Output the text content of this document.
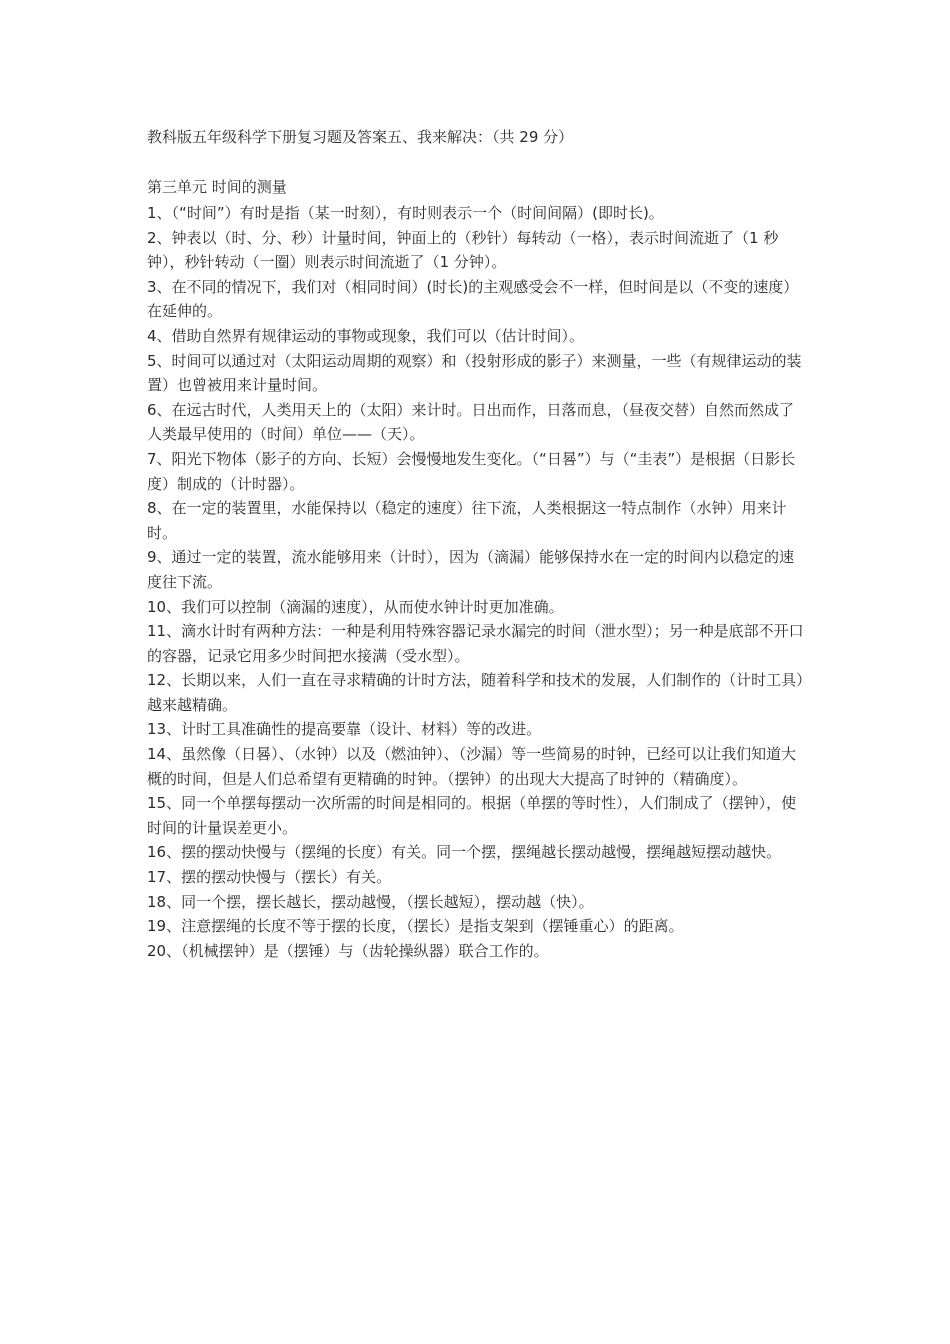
教科版五年级科学下册复习题及答案五、我来解决：（共 29 分）
第三单元 时间的测量

1、（“时间”）有时是指（某一时刻），有时则表示一个（时间间隔）(即时长)。

2、钟表以（时、分、秒）计量时间，钟面上的（秒针）每转动（一格），表示时间流逝了（1 秒钟），秒针转动（一圈）则表示时间流逝了（1 分钟）。

3、在不同的情况下，我们对（相同时间）(时长)的主观感受会不一样，但时间是以（不变的速度）在延伸的。

4、借助自然界有规律运动的事物或现象，我们可以（估计时间）。

5、时间可以通过对（太阳运动周期的观察）和（投射形成的影子）来测量，一些（有规律运动的装置）也曾被用来计量时间。

6、在远古时代，人类用天上的（太阳）来计时。日出而作，日落而息，（昼夜交替）自然而然成了人类最早使用的（时间）单位——（天）。

7、阳光下物体（影子的方向、长短）会慢慢地发生变化。（“日晷”）与（“圭表”）是根据（日影长度）制成的（计时器）。

8、在一定的装置里，水能保持以（稳定的速度）往下流，人类根据这一特点制作（水钟）用来计时。

9、通过一定的装置，流水能够用来（计时），因为（滴漏）能够保持水在一定的时间内以稳定的速度往下流。

10、我们可以控制（滴漏的速度），从而使水钟计时更加准确。

11、滴水计时有两种方法：一种是利用特殊容器记录水漏完的时间（泄水型）；另一种是底部不开口的容器，记录它用多少时间把水接满（受水型）。

12、长期以来，人们一直在寻求精确的计时方法，随着科学和技术的发展，人们制作的（计时工具）越来越精确。

13、计时工具准确性的提高要靠（设计、材料）等的改进。

14、虽然像（日晷）、（水钟）以及（燃油钟）、（沙漏）等一些简易的时钟，已经可以让我们知道大概的时间，但是人们总希望有更精确的时钟。（摆钟）的出现大大提高了时钟的（精确度）。

15、同一个单摆每摆动一次所需的时间是相同的。根据（单摆的等时性），人们制成了（摆钟），使时间的计量误差更小。

16、摆的摆动快慢与（摆绳的长度）有关。同一个摆，摆绳越长摆动越慢，摆绳越短摆动越快。

17、摆的摆动快慢与（摆长）有关。

18、同一个摆，摆长越长，摆动越慢，（摆长越短），摆动越（快）。

19、注意摆绳的长度不等于摆的长度，（摆长）是指支架到（摆锤重心）的距离。

20、（机械摆钟）是（摆锤）与（齿轮操纵器）联合工作的。
